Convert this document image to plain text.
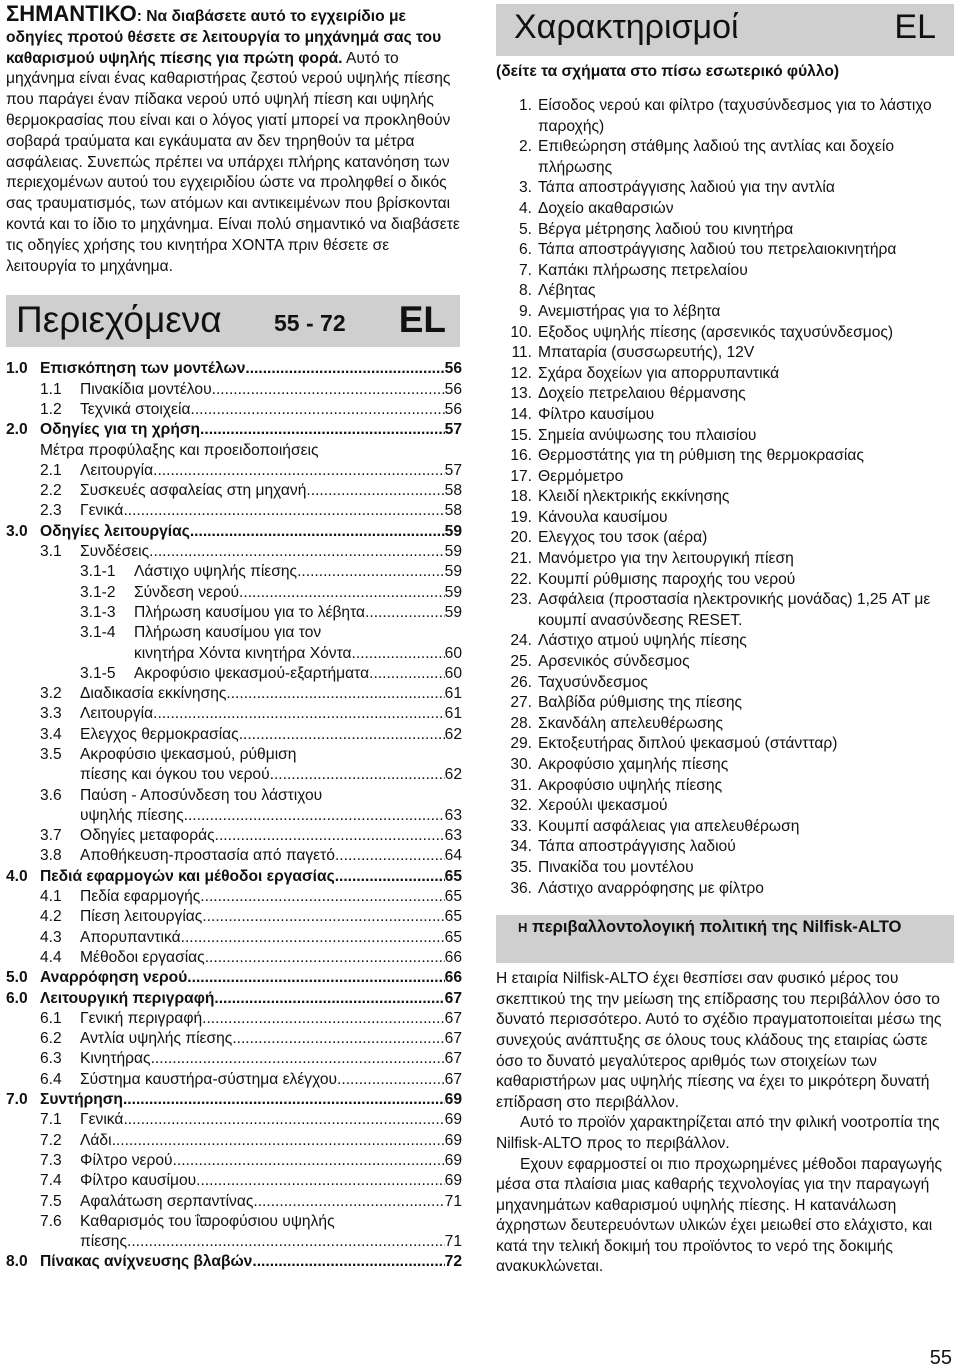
ΣΗΜΑΝΤΙΚΟ: Να διαβάσετε αυτό το εγχειρίδιο με οδηγίες προτού θέσετε σε λειτουργία το μηχάνημά σας του καθαρισμού υψηλής πίεσης για πρώτη φορά. Αυτό το μηχάνημα είναι ένας καθαριστήρας ζεστού νερού υψηλής πίεσης που παράγει έναν πίδακα νερού υπό υψηλή πίεση και υψηλής θερμοκρασίας που είναι και ο λόγος γιατί μπορεί να προκληθούν σοβαρά τραύματα και εγκάυματα αν δεν τηρηθούν τα μέτρα ασφάλειας. Συνεπώς πρέπει να υπάρχει πλήρης κατανόηση των περιεχομένων αυτού του εγχειριδίου ώστε να προληφθεί ο δικός σας τραυματισμός, των ατόμων και αντικειμένων που βρίσκονται κοντά και το ίδιο το μηχάνημα. Είναι πολύ σημαντικό να διαβάσετε τις οδηγίες χρήσης του κινητήρα ΧΟΝΤΑ πριν θέσετε σε λειτουργία το μηχάνημα.
Περιεχόμενα 55 - 72 EL
1.0 Επισκόπηση των μοντέλων .....	56
1.1	Πινακίδια μοντέλου .....	56
1.2	Τεχνικά στοιχεία .....	56
2.0 Οδηγίες για τη χρήση .....	57
Μέτρα προφύλαξης και προειδοποιήσεις
2.1	Λειτουργία .....	57
2.2	Συσκευές ασφαλείας στη μηχανή .....	58
2.3	Γενικά .....	58
3.0 Οδηγίες λειτουργίας .....	59
3.1	Συνδέσεις .....	59
3.1-1	Λάστιχο υψηλής πίεσης .....	59
3.1-2	Σύνδεση νερού .....	59
3.1-3	Πλήρωση καυσίμου για το λέβητα .....	59
3.1-4	Πλήρωση καυσίμου για τον
κινητήρα Χόντα κινητήρα Χόντα .....	60
3.1-5	Ακροφύσιο ψεκασμού-εξαρτήματα .....	60
3.2	Διαδικασία εκκίνησης .....	61
3.3	Λειτουργία .....	61
3.4	Ελεγχος θερμοκρασίας .....	62
3.5	Ακροφύσιο ψεκασμού, ρύθμιση
πίεσης και όγκου του νερού .....	62
3.6	Παύση - Αποσύνδεση του λάστιχου
υψηλής πίεσης .....	63
3.7	Οδηγίες μεταφοράς .....	63
3.8	Αποθήκευση-προστασία από παγετό .....	64
4.0 Πεδιά εφαρμογών και μέθοδοι εργασίας .....	65
4.1	Πεδία εφαρμογής .....	65
4.2	Πίεση λειτουργίας .....	65
4.3	Απορυπαντικά .....	65
4.4	Μέθοδοι εργασίας .....	66
5.0 Αναρρόφηση νερού .....	66
6.0 Λειτουργική περιγραφή .....	67
6.1	Γενική περιγραφή .....	67
6.2	Αντλία υψηλής πίεσης .....	67
6.3	Κινητήρας .....	67
6.4	Σύστημα καυστήρα-σύστημα ελέγχου .....	67
7.0 Συντήρηση .....	69
7.1	Γενικά .....	69
7.2	Λάδι .....	69
7.3	Φίλτρο νερού .....	69
7.4	Φίλτρο καυσίμου .....	69
7.5	Αφαλάτωση σερπαντίνας .....	71
7.6	Καθαρισμός του ΐϖροφύσιου υψηλής
πίεσης .....	71
8.0 Πίνακας ανίχνευσης βλαβών .....	72
Χαρακτηρισμοί	EL
(δείτε τα σχήματα στο πίσω εσωτερικό φύλλο)
1. Είσοδος νερού και φίλτρο (ταχυσύνδεσμος για το λάστιχο παροχής)
2. Επιθεώρηση στάθμης λαδιού της αντλίας και δοχείο πλήρωσης
3. Τάπα αποστράγγισης λαδιού για την αντλία
4. Δοχείο ακαθαρσιών
5. Βέργα μέτρησης λαδιού του κινητήρα
6. Τάπα αποστράγγισης λαδιού του πετρελαιοκινητήρα
7. Καπάκι πλήρωσης πετρελαίου
8. Λέβητας
9. Ανεμιστήρας για το λέβητα
10. Εξοδος υψηλής πίεσης (αρσενικός ταχυσύνδεσμος)
11. Μπαταρία (συσσωρευτής), 12V
12. Σχάρα δοχείων για απορρυπαντικά
13. Δοχείο πετρελαιου θέρμανσης
14. Φίλτρο καυσίμου
15. Σημεία ανύψωσης του πλαισίου
16. Θερμοστάτης για τη ρύθμιση της θερμοκρασίας
17. Θερμόμετρο
18. Κλειδί ηλεκτρικής εκκίνησης
19. Κάνουλα καυσίμου
20. Ελεγχος του τσοκ (αέρα)
21. Μανόμετρο για την λειτουργική πίεση
22. Κουμπί ρύθμισης παροχής του νερού
23. Ασφάλεια (προστασία ηλεκτρονικής μονάδας) 1,25 AT με κουμπί ανασύνδεσης RESET.
24. Λάστιχο ατμού υψηλής πίεσης
25. Αρσενικός σύνδεσμος
26. Ταχυσύνδεσμος
27. Βαλβίδα ρύθμισης της πίεσης
28. Σκανδάλη απελευθέρωσης
29. Εκτοξευτήρας διπλού ψεκασμού (στάντταρ)
30. Ακροφύσιο χαμηλής πίεσης
31. Ακροφύσιο υψηλής πίεσης
32. Χερούλι ψεκασμού
33. Κουμπί ασφάλειας για απελευθέρωση
34. Τάπα αποστράγγισης λαδιού
35. Πινακίδα του μοντέλου
36. Λάστιχο αναρρόφησης με φίλτρο
Η περιβαλλοντολογική πολιτική της Nilfisk-ALTO

Η εταιρία Nilfisk-ALTO έχει θεσπίσει σαν φυσικό μέρος του σκεπτικού της την μείωση της επίδρασης του περιβάλλον όσο το δυνατό περισσότερο. Αυτό το σχέδιο πραγματοποιείται μέσω της συνεχούς ανάπτυξης σε όλους τους κλάδους της εταιρίας ώστε όσο το δυνατό μεγαλύτερος αριθμός των στοιχείων των καθαριστήρων μας υψηλής πίεσης να έχει το μικρότερη δυνατή επίδραση στο περιβάλλον.

Αυτό το προϊόν χαρακτηρίζεται από την φιλική νοοτροπία της Nilfisk-ALTO προς το περιβάλλον.

Εχουν εφαρμοστεί οι πιο προχωρημένες μέθοδοι παραγωγής μέσα στα πλαίσια μιας καθαρής τεχνολογίας για την παραγωγή μηχανημάτων καθαρισμού υψηλής πίεσης. Η κατανάλωση άχρηστων δευτερευόντων υλικών έχει μειωθεί στο ελάχιστο, και κατά την τελική δοκιμή του προϊόντος το νερό της δοκιμής ανακυκλώνεται.

55
